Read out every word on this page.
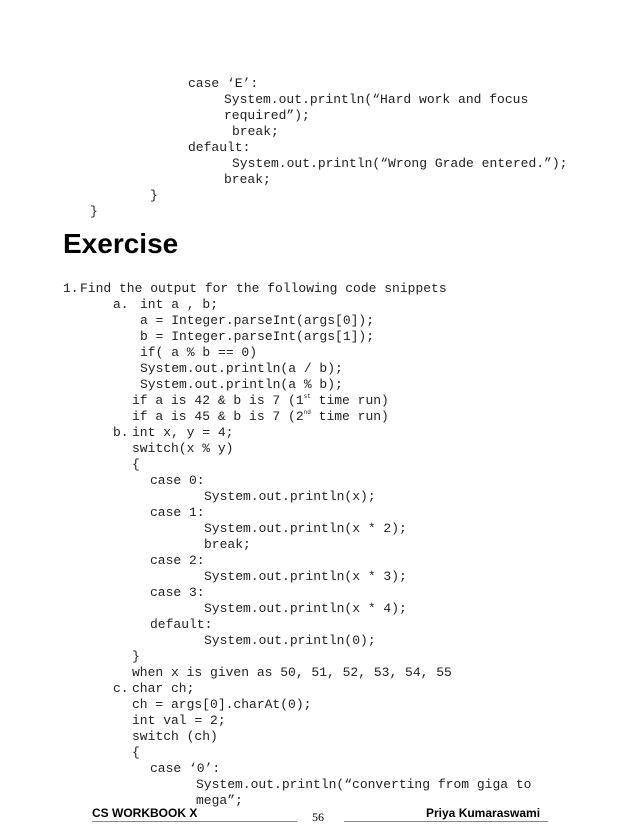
case ‘E’:
System.out.println(“Hard work and focus
required”);
break;
default:
System.out.println(“Wrong Grade entered.”);
break;
}
}
Exercise
1. Find the output for the following code snippets
a. int a , b;
a = Integer.parseInt(args[0]);
b = Integer.parseInt(args[1]);
if( a % b == 0)
System.out.println(a / b);
System.out.println(a % b);
if a is 42 & b is 7 (1st time run)
if a is 45 & b is 7 (2nd time run)
b. int x, y = 4;
switch(x % y)
{
case 0:
System.out.println(x);
case 1:
System.out.println(x * 2);
break;
case 2:
System.out.println(x * 3);
case 3:
System.out.println(x * 4);
default:
System.out.println(0);
}
when x is given as 50, 51, 52, 53, 54, 55
c. char ch;
ch = args[0].charAt(0);
int val = 2;
switch (ch)
{
case ‘0’:
System.out.println(“converting from giga to
mega”;
CS WORKBOOK X	56	Priya Kumaraswami
